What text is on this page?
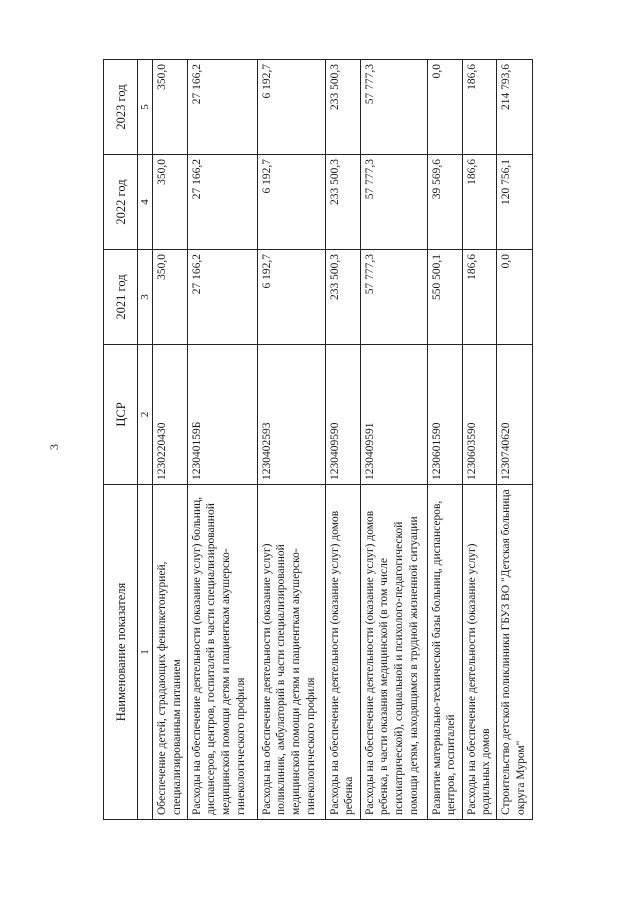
3
Наименование показателя	ЦСР	2021 год	2022 год	2023 год
1	2	3	4	5
Обеспечение детей, страдающих фенилкетонурией, специализированным питанием	1230220430	350,0	350,0	350,0
Расходы на обеспечение деятельности (оказание услуг) больниц, диспансеров, центров, госпиталей в части специализированной медицинской помощи детям и пациенткам акушерско-гинекологического профиля	123040159Б	27 166,2	27 166,2	27 166,2
Расходы на обеспечение деятельности (оказание услуг) поликлиник, амбулаторий в части специализированной медицинской помощи детям и пациенткам акушерско-гинекологического профиля	1230402593	6 192,7	6 192,7	6 192,7
Расходы на обеспечение деятельности (оказание услуг) домов ребенка	1230409590	233 500,3	233 500,3	233 500,3
Расходы на обеспечение деятельности (оказание услуг) домов ребенка, в части оказания медицинской (в том числе психиатрической), социальной и психолого-педагогической помощи детям, находящимся в трудной жизненной ситуации	1230409591	57 777,3	57 777,3	57 777,3
Развитие материально-технической базы больниц, диспансеров, центров, госпиталей	1230601590	550 500,1	39 569,6	0,0
Расходы на обеспечение деятельности (оказание услуг) родильных домов	1230603590	186,6	186,6	186,6
Строительство детской поликлиники ГБУЗ ВО "Детская больница округа Муром"	1230740620	0,0	120 756,1	214 793,6
